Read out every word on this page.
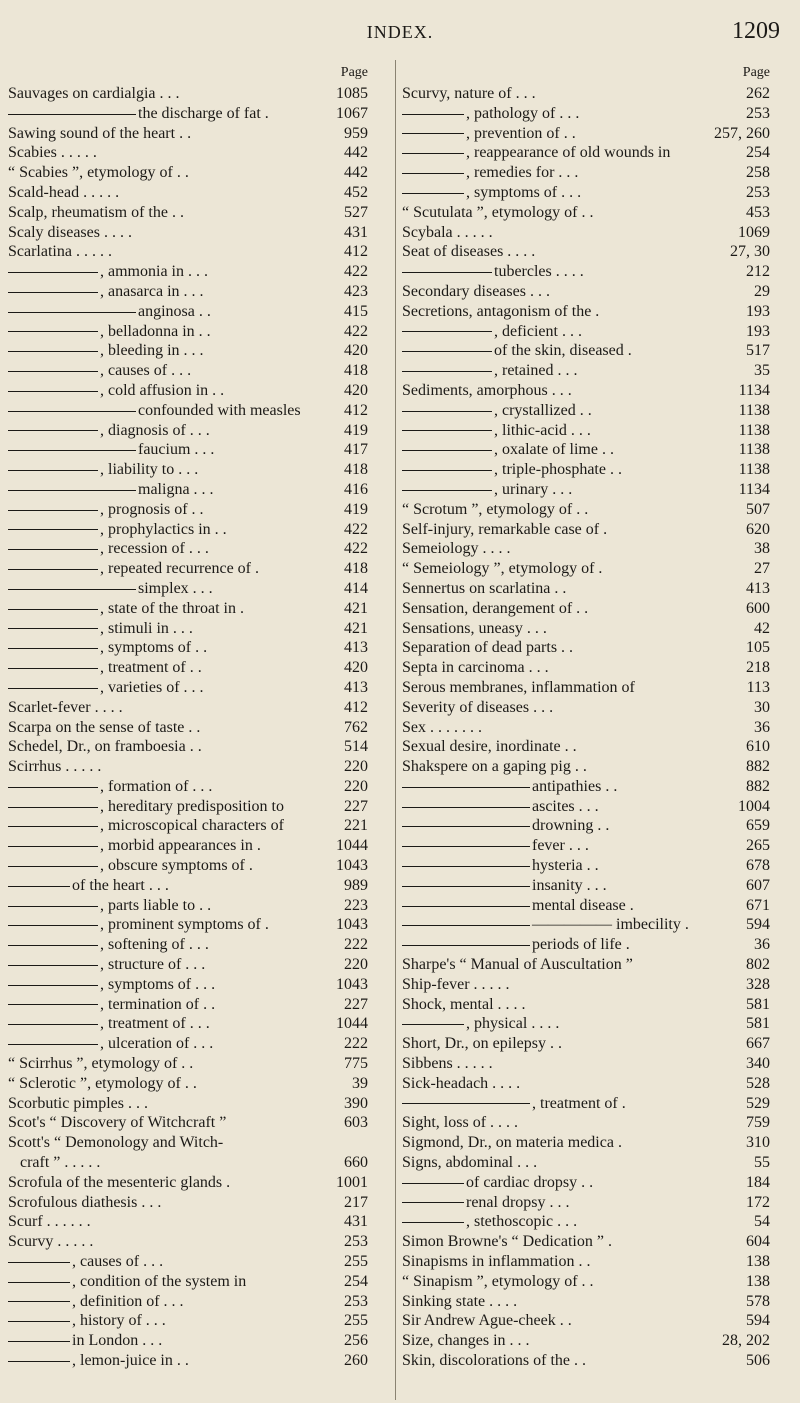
INDEX.	1209
Page
Sauvages on cardialgia . . .	1085
the discharge of fat .	1067
Sawing sound of the heart . .	959
Scabies . . . . .	442
“ Scabies ”, etymology of . .	442
Scald-head . . . . .	452
Scalp, rheumatism of the . .	527
Scaly diseases . . . .	431
Scarlatina . . . . .	412
, ammonia in . . .	422
, anasarca in . . .	423
anginosa . .	415
, belladonna in . .	422
, bleeding in . . .	420
, causes of . . .	418
, cold affusion in . .	420
confounded with measles	412
, diagnosis of . . .	419
faucium . . .	417
, liability to . . .	418
maligna . . .	416
, prognosis of . .	419
, prophylactics in . .	422
, recession of . . .	422
, repeated recurrence of .	418
simplex . . .	414
, state of the throat in .	421
, stimuli in . . .	421
, symptoms of . .	413
, treatment of . .	420
, varieties of . . .	413
Scarlet-fever . . . .	412
Scarpa on the sense of taste . .	762
Schedel, Dr., on framboesia . .	514
Scirrhus . . . . .	220
, formation of . . .	220
, hereditary predisposition to	227
, microscopical characters of	221
, morbid appearances in .	1044
, obscure symptoms of .	1043
of the heart . . .	989
, parts liable to . .	223
, prominent symptoms of .	1043
, softening of . . .	222
, structure of . . .	220
, symptoms of . . .	1043
, termination of . .	227
, treatment of . . .	1044
, ulceration of . . .	222
“ Scirrhus ”, etymology of . .	775
“ Sclerotic ”, etymology of . .	39
Scorbutic pimples . . .	390
Scot's “ Discovery of Witchcraft ”	603
Scott's “ Demonology and Witch-
craft ” . . . . .	660
Scrofula of the mesenteric glands .	1001
Scrofulous diathesis . . .	217
Scurf . . . . . .	431
Scurvy . . . . .	253
, causes of . . .	255
, condition of the system in	254
, definition of . . .	253
, history of . . .	255
in London . . .	256
, lemon-juice in . .	260
Page
Scurvy, nature of . . .	262
, pathology of . . .	253
, prevention of . .	257, 260
, reappearance of old wounds in	254
, remedies for . . .	258
, symptoms of . . .	253
“ Scutulata ”, etymology of . .	453
Scybala . . . . .	1069
Seat of diseases . . . .	27, 30
tubercles . . . .	212
Secondary diseases . . .	29
Secretions, antagonism of the .	193
, deficient . . .	193
of the skin, diseased .	517
, retained . . .	35
Sediments, amorphous . . .	1134
, crystallized . .	1138
, lithic-acid . . .	1138
, oxalate of lime . .	1138
, triple-phosphate . .	1138
, urinary . . .	1134
“ Scrotum ”, etymology of . .	507
Self-injury, remarkable case of .	620
Semeiology . . . .	38
“ Semeiology ”, etymology of .	27
Sennertus on scarlatina . .	413
Sensation, derangement of . .	600
Sensations, uneasy . . .	42
Separation of dead parts . .	105
Septa in carcinoma . . .	218
Serous membranes, inflammation of	113
Severity of diseases . . .	30
Sex . . . . . . .	36
Sexual desire, inordinate . .	610
Shakspere on a gaping pig . .	882
antipathies . .	882
ascites . . .	1004
drowning . .	659
fever . . .	265
hysteria . .	678
insanity . . .	607
mental disease .	671
————— imbecility .	594
periods of life .	36
Sharpe's “ Manual of Auscultation ”	802
Ship-fever . . . . .	328
Shock, mental . . . .	581
, physical . . . .	581
Short, Dr., on epilepsy . .	667
Sibbens . . . . .	340
Sick-headach . . . .	528
, treatment of .	529
Sight, loss of . . . .	759
Sigmond, Dr., on materia medica .	310
Signs, abdominal . . .	55
of cardiac dropsy . .	184
renal dropsy . . .	172
, stethoscopic . . .	54
Simon Browne's “ Dedication ” .	604
Sinapisms in inflammation . .	138
“ Sinapism ”, etymology of . .	138
Sinking state . . . .	578
Sir Andrew Ague-cheek . .	594
Size, changes in . . .	28, 202
Skin, discolorations of the . .	506
